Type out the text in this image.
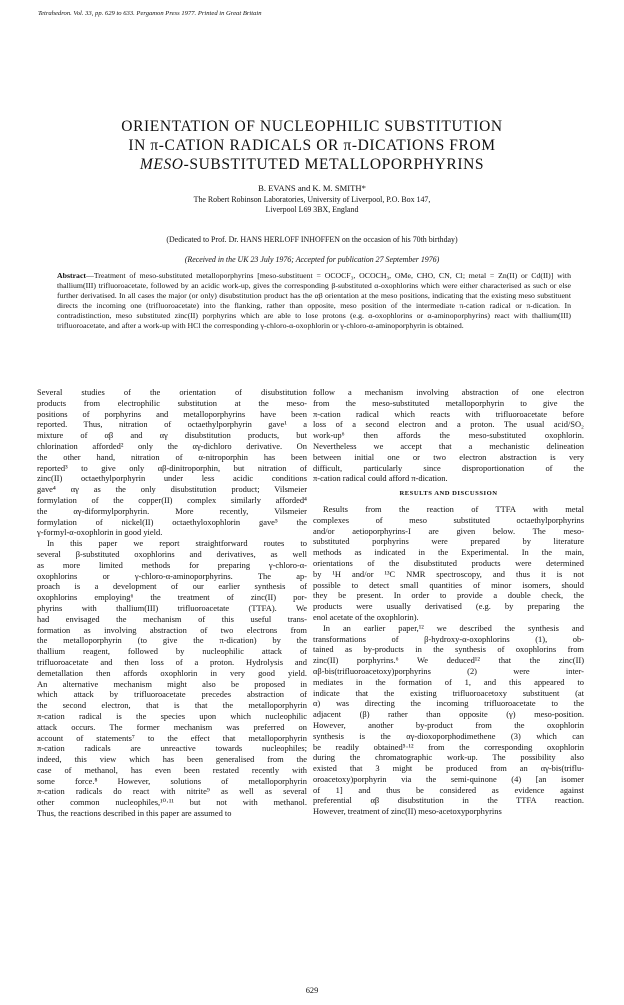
Tetrahedron. Vol. 33, pp. 629 to 633. Pergamon Press 1977. Printed in Great Britain
ORIENTATION OF NUCLEOPHILIC SUBSTITUTION
IN π-CATION RADICALS OR π-DICATIONS FROM
MESO-SUBSTITUTED METALLOPORPHYRINS
B. EVANS and K. M. SMITH*
The Robert Robinson Laboratories, University of Liverpool, P.O. Box 147,
Liverpool L69 3BX, England
(Dedicated to Prof. Dr. HANS HERLOFF INHOFFEN on the occasion of his 70th birthday)
(Received in the UK 23 July 1976; Accepted for publication 27 September 1976)
Abstract—Treatment of meso-substituted metalloporphyrins [meso-substituent = OCOCF₃, OCOCH₃, OMe, CHO, CN, Cl; metal = Zn(II) or Cd(II)] with thallium(III) trifluoroacetate, followed by an acidic work-up, gives the corresponding β-substituted α-oxophlorins which were either characterised as such or else further derivatised. In all cases the major (or only) disubstitution product has the αβ orientation at the meso positions, indicating that the existing meso substituent directs the incoming one (trifluoroacetate) into the flanking, rather than opposite, meso position of the intermediate π-cation radical or π-dication. In contradistinction, meso substituted zinc(II) porphyrins which are able to lose protons (e.g. α-oxophlorins or α-aminoporphyrins) react with thallium(III) trifluoroacetate, and after a work-up with HCl the corresponding γ-chloro-α-oxophlorin or γ-chloro-α-aminoporphyrin is obtained.
Several studies of the orientation of disubstitution
products from electrophilic substitution at the meso-
positions of porphyrins and metalloporphyrins have been
reported. Thus, nitration of octaethylporphyrin gave¹ a
mixture of αβ and αγ disubstitution products, but
chlorination afforded² only the αγ-dichloro derivative. On
the other hand, nitration of α-nitroporphin has been
reported³ to give only αβ-dinitroporphin, but nitration of
zinc(II) octaethylporphyrin under less acidic conditions
gave⁴ αγ as the only disubstitution product; Vilsmeier
formylation of the copper(II) complex similarly afforded⁴
the αγ-diformylporphyrin. More recently, Vilsmeier
formylation of nickel(II) octaethyloxophlorin gave⁵ the
γ-formyl-α-oxophlorin in good yield.
In this paper we report straightforward routes to
several β-substituted oxophlorins and derivatives, as well
as more limited methods for preparing γ-chloro-α-
oxophlorins or γ-chloro-α-aminoporphyrins. The ap-
proach is a development of our earlier synthesis of
oxophlorins employing⁶ the treatment of zinc(II) por-
phyrins with thallium(III) trifluoroacetate (TTFA). We
had envisaged the mechanism of this useful trans-
formation as involving abstraction of two electrons from
the metalloporphyrin (to give the π-dication) by the
thallium reagent, followed by nucleophilic attack of
trifluoroacetate and then loss of a proton. Hydrolysis and
demetallation then affords oxophlorin in very good yield.
An alternative mechanism might also be proposed in
which attack by trifluoroacetate precedes abstraction of
the second electron, that is that the metalloporphyrin
π-cation radical is the species upon which nucleophilic
attack occurs. The former mechanism was preferred on
account of statements⁷ to the effect that metalloporphyrin
π-cation radicals are unreactive towards nucleophiles;
indeed, this view which has been generalised from the
case of methanol, has even been restated recently with
some force.⁸ However, solutions of metalloporphyrin
π-cation radicals do react with nitrite⁹ as well as several
other common nucleophiles,¹⁰·¹¹ but not with methanol.
Thus, the reactions described in this paper are assumed to
follow a mechanism involving abstraction of one electron
from the meso-substituted metalloporphyrin to give the
π-cation radical which reacts with trifluoroacetate before
loss of a second electron and a proton. The usual acid/SO₂
work-up⁶ then affords the meso-substituted oxophlorin.
Nevertheless we accept that a mechanistic delineation
between initial one or two electron abstraction is very
difficult, particularly since disproportionation of the
π-cation radical could afford π-dication.
RESULTS AND DISCUSSION
Results from the reaction of TTFA with metal
complexes of meso substituted octaethylporphyrins
and/or aetioporphyrins-I are given below. The meso-
substituted porphyrins were prepared by literature
methods as indicated in the Experimental. In the main,
orientations of the disubstituted products were determined
by ¹H and/or ¹³C NMR spectroscopy, and thus it is not
possible to detect small quantities of minor isomers, should
they be present. In order to provide a double check, the
products were usually derivatised (e.g. by preparing the
enol acetate of the oxophlorin).
In an earlier paper,¹² we described the synthesis and
transformations of β-hydroxy-α-oxophlorins (1), ob-
tained as by-products in the synthesis of oxophlorins from
zinc(II) porphyrins.⁶ We deduced¹² that the zinc(II)
αβ-bis(trifluoroacetoxy)porphyrins (2) were inter-
mediates in the formation of 1, and this appeared to
indicate that the existing trifluoroacetoxy substituent (at
α) was directing the incoming trifluoroacetate to the
adjacent (β) rather than opposite (γ) meso-position.
However, another by-product from the oxophlorin
synthesis is the αγ-dioxoporphodimethene (3) which can
be readily obtained⁵·¹² from the corresponding oxophlorin
during the chromatographic work-up. The possibility also
existed that 3 might be produced from an αγ-bis(triflu-
oroacetoxy)porphyrin via the semi-quinone (4) [an isomer
of 1] and thus be considered as evidence against
preferential αβ disubstitution in the TTFA reaction.
However, treatment of zinc(II) meso-acetoxyporphyrins
629
